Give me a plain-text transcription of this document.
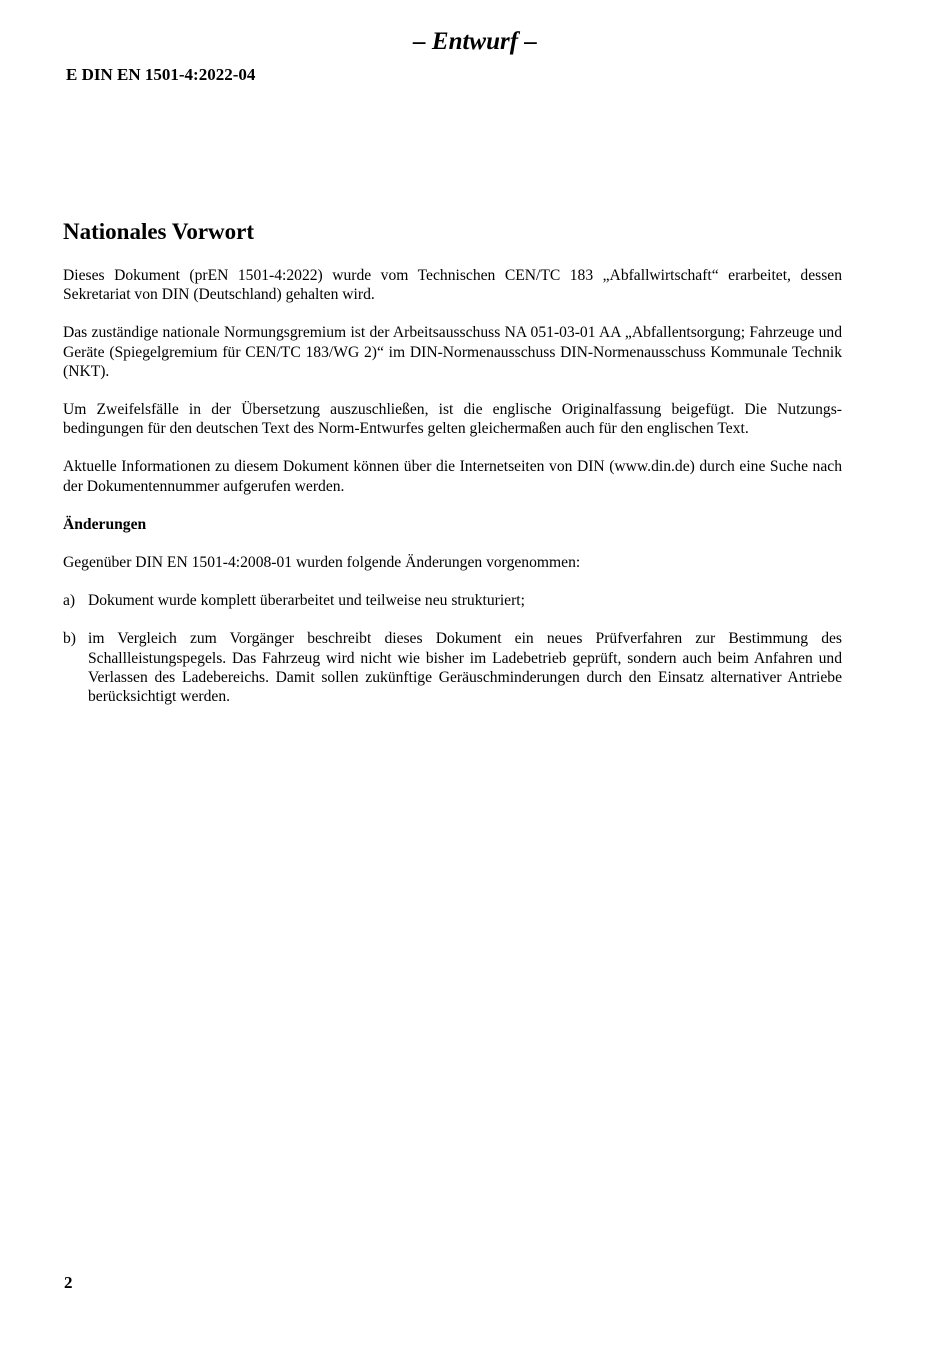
– Entwurf –
E DIN EN 1501-4:2022-04
Nationales Vorwort

Dieses Dokument (prEN 1501-4:2022) wurde vom Technischen CEN/TC 183 „Abfallwirtschaft“ erarbeitet, dessen Sekretariat von DIN (Deutschland) gehalten wird.

Das zuständige nationale Normungsgremium ist der Arbeitsausschuss NA 051-03-01 AA „Abfallentsorgung; Fahrzeuge und Geräte (Spiegelgremium für CEN/TC 183/WG 2)“ im DIN-Normenausschuss DIN-Normenausschuss Kommunale Technik (NKT).

Um Zweifelsfälle in der Übersetzung auszuschließen, ist die englische Originalfassung beigefügt. Die Nutzungsbedingungen für den deutschen Text des Norm-Entwurfes gelten gleichermaßen auch für den englischen Text.

Aktuelle Informationen zu diesem Dokument können über die Internetseiten von DIN (www.din.de) durch eine Suche nach der Dokumentennummer aufgerufen werden.

Änderungen

Gegenüber DIN EN 1501-4:2008-01 wurden folgende Änderungen vorgenommen:

a) Dokument wurde komplett überarbeitet und teilweise neu strukturiert;
b) im Vergleich zum Vorgänger beschreibt dieses Dokument ein neues Prüfverfahren zur Bestimmung des Schallleistungspegels. Das Fahrzeug wird nicht wie bisher im Ladebetrieb geprüft, sondern auch beim Anfahren und Verlassen des Ladebereichs. Damit sollen zukünftige Geräuschminderungen durch den Einsatz alternativer Antriebe berücksichtigt werden.
2
